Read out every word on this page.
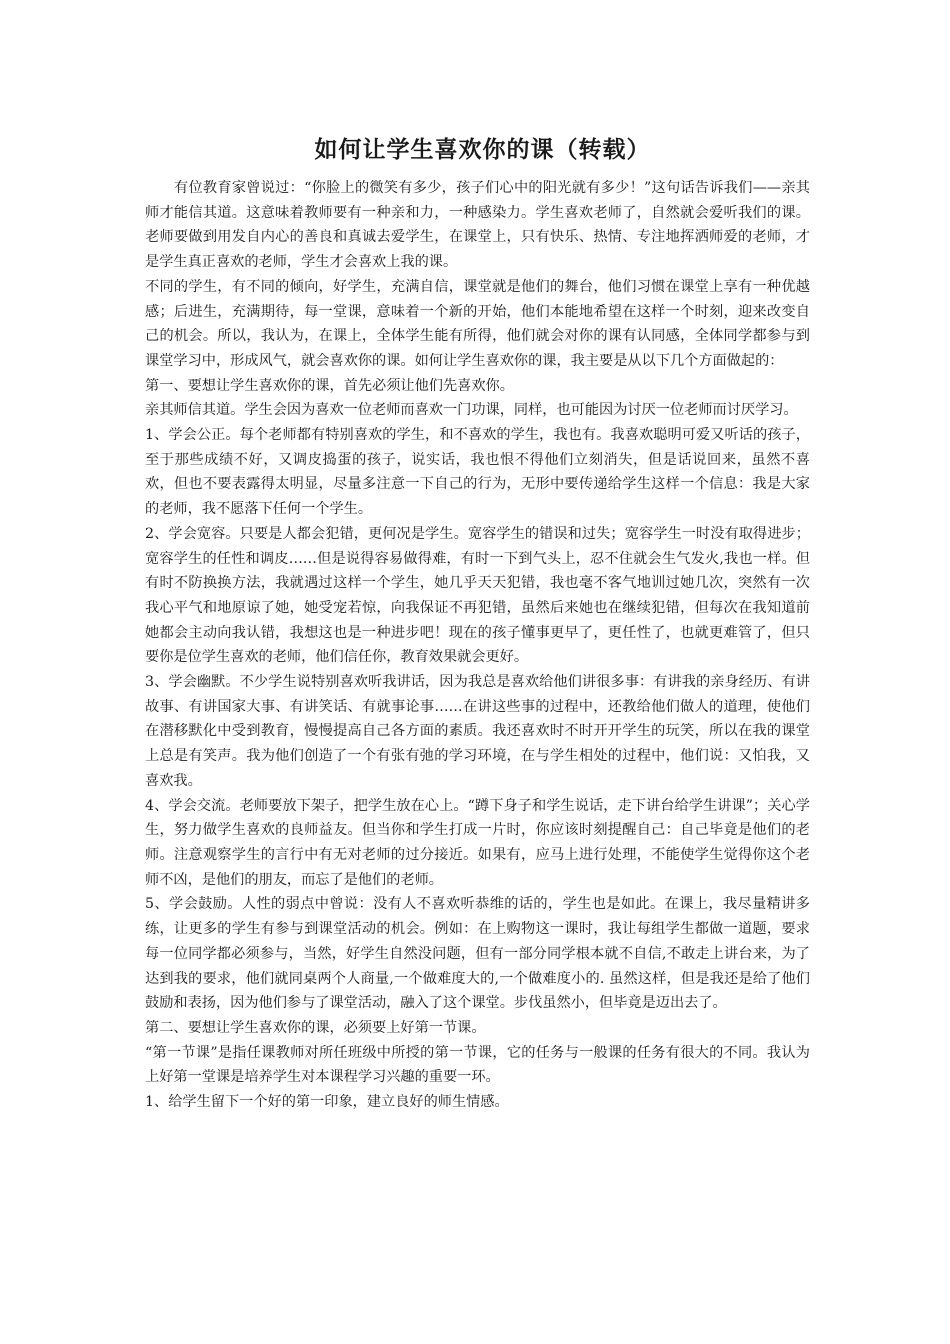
如何让学生喜欢你的课（转载）

有位教育家曾说过：“你脸上的微笑有多少，孩子们心中的阳光就有多少！”这句话告诉我们——亲其师才能信其道。这意味着教师要有一种亲和力，一种感染力。学生喜欢老师了，自然就会爱听我们的课。老师要做到用发自内心的善良和真诚去爱学生，在课堂上，只有快乐、热情、专注地挥洒师爱的老师，才是学生真正喜欢的老师，学生才会喜欢上我的课。

不同的学生，有不同的倾向，好学生，充满自信，课堂就是他们的舞台，他们习惯在课堂上享有一种优越感；后进生，充满期待，每一堂课，意味着一个新的开始，他们本能地希望在这样一个时刻，迎来改变自己的机会。所以，我认为，在课上，全体学生能有所得，他们就会对你的课有认同感，全体同学都参与到课堂学习中，形成风气，就会喜欢你的课。如何让学生喜欢你的课，我主要是从以下几个方面做起的：

第一、要想让学生喜欢你的课，首先必须让他们先喜欢你。

亲其师信其道。学生会因为喜欢一位老师而喜欢一门功课，同样，也可能因为讨厌一位老师而讨厌学习。

1、学会公正。每个老师都有特别喜欢的学生，和不喜欢的学生，我也有。我喜欢聪明可爱又听话的孩子，至于那些成绩不好，又调皮捣蛋的孩子，说实话，我也恨不得他们立刻消失，但是话说回来，虽然不喜欢，但也不要表露得太明显，尽量多注意一下自己的行为，无形中要传递给学生这样一个信息：我是大家的老师，我不愿落下任何一个学生。

2、学会宽容。只要是人都会犯错，更何况是学生。宽容学生的错误和过失；宽容学生一时没有取得进步；宽容学生的任性和调皮……但是说得容易做得难，有时一下到气头上，忍不住就会生气发火,我也一样。但有时不防换换方法，我就遇过这样一个学生，她几乎天天犯错，我也毫不客气地训过她几次，突然有一次我心平气和地原谅了她，她受宠若惊，向我保证不再犯错，虽然后来她也在继续犯错，但每次在我知道前她都会主动向我认错，我想这也是一种进步吧！现在的孩子懂事更早了，更任性了，也就更难管了，但只要你是位学生喜欢的老师，他们信任你，教育效果就会更好。

3、学会幽默。不少学生说特别喜欢听我讲话，因为我总是喜欢给他们讲很多事：有讲我的亲身经历、有讲故事、有讲国家大事、有讲笑话、有就事论事……在讲这些事的过程中，还教给他们做人的道理，使他们在潜移默化中受到教育，慢慢提高自己各方面的素质。我还喜欢时不时开开学生的玩笑，所以在我的课堂上总是有笑声。我为他们创造了一个有张有弛的学习环境，在与学生相处的过程中，他们说：又怕我，又喜欢我。

4、学会交流。老师要放下架子，把学生放在心上。“蹲下身子和学生说话，走下讲台给学生讲课”；关心学生，努力做学生喜欢的良师益友。但当你和学生打成一片时，你应该时刻提醒自己：自己毕竟是他们的老师。注意观察学生的言行中有无对老师的过分接近。如果有，应马上进行处理，不能使学生觉得你这个老师不凶，是他们的朋友，而忘了是他们的老师。

5、学会鼓励。人性的弱点中曾说：没有人不喜欢听恭维的话的，学生也是如此。在课上，我尽量精讲多练，让更多的学生有参与到课堂活动的机会。例如：在上购物这一课时，我让每组学生都做一道题，要求每一位同学都必须参与，当然，好学生自然没问题，但有一部分同学根本就不自信,不敢走上讲台来，为了达到我的要求，他们就同桌两个人商量,一个做难度大的,一个做难度小的. 虽然这样，但是我还是给了他们鼓励和表扬，因为他们参与了课堂活动，融入了这个课堂。步伐虽然小，但毕竟是迈出去了。

第二、要想让学生喜欢你的课，必须要上好第一节课。

“第一节课”是指任课教师对所任班级中所授的第一节课，它的任务与一般课的任务有很大的不同。我认为上好第一堂课是培养学生对本课程学习兴趣的重要一环。

1、给学生留下一个好的第一印象，建立良好的师生情感。
